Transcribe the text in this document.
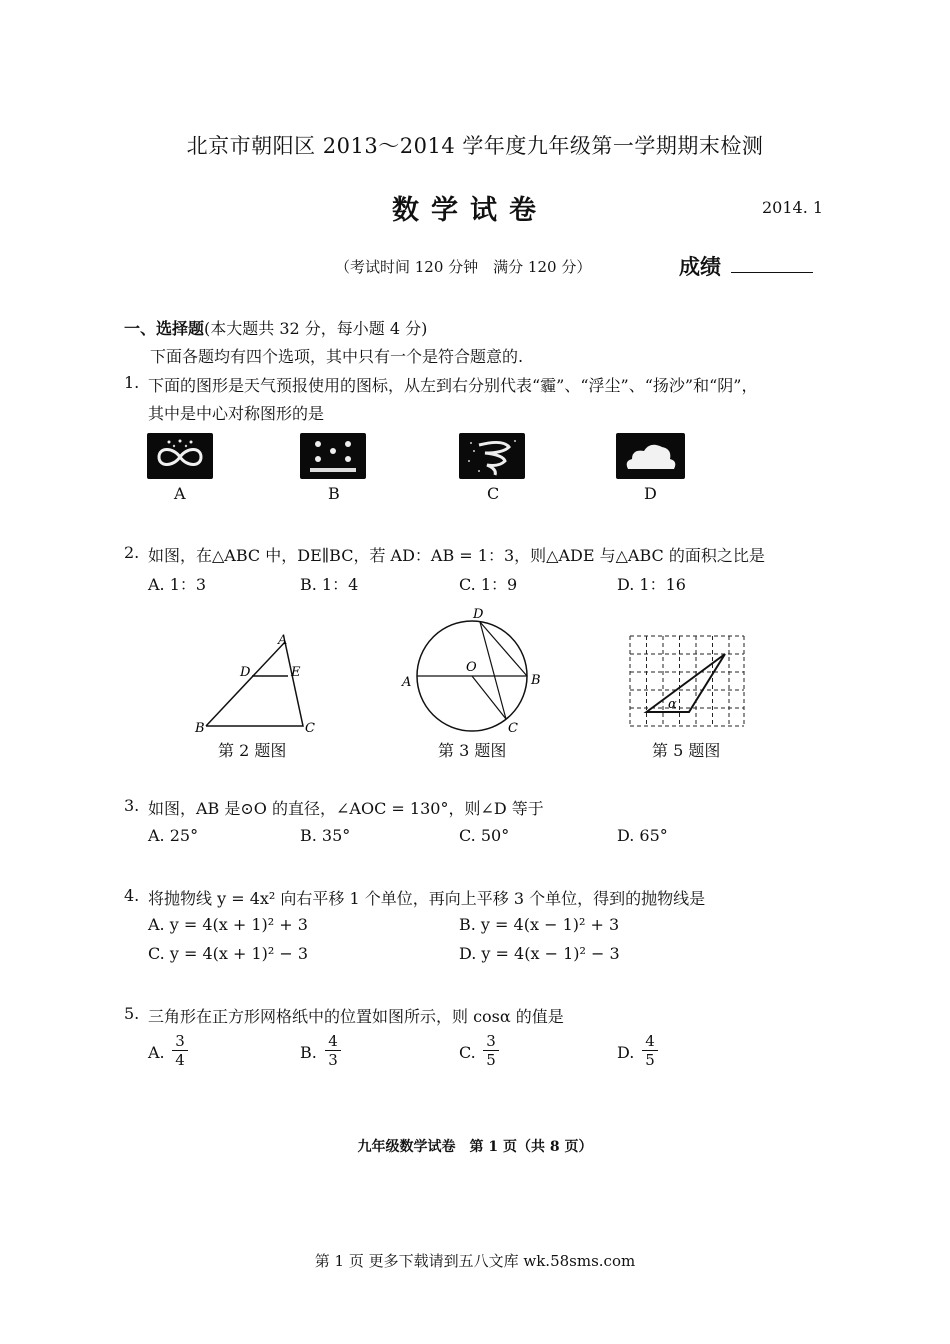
北京市朝阳区 2013～2014 学年度九年级第一学期期末检测
数学试卷	2014. 1
（考试时间 120 分钟　满分 120 分）	成绩
一、选择题(本大题共 32 分，每小题 4 分)
下面各题均有四个选项，其中只有一个是符合题意的.
1. 下面的图形是天气预报使用的图标，从左到右分别代表“霾”、“浮尘”、“扬沙”和“阴”，
其中是中心对称图形的是
A	B	C	D
2. 如图，在△ABC 中，DE∥BC，若 AD：AB = 1：3，则△ADE 与△ABC 的面积之比是
A. 1：3	B. 1：4	C. 1：9	D. 1：16
A
D	E
B	C
第 2 题图
D
O
A	B
C
第 3 题图
α
第 5 题图
3. 如图，AB 是⊙O 的直径，∠AOC = 130°，则∠D 等于
A. 25°	B. 35°	C. 50°	D. 65°
4. 将抛物线 y = 4x² 向右平移 1 个单位，再向上平移 3 个单位，得到的抛物线是
A. y = 4(x + 1)² + 3	B. y = 4(x − 1)² + 3
C. y = 4(x + 1)² − 3	D. y = 4(x − 1)² − 3
5. 三角形在正方形网格纸中的位置如图所示，则 cosα 的值是
A. $\frac{3}{4}$	B. $\frac{4}{3}$	C. $\frac{3}{5}$	D. $\frac{4}{5}$
九年级数学试卷　第 1 页（共 8 页）
第 1 页 更多下载请到五八文库 wk.58sms.com
